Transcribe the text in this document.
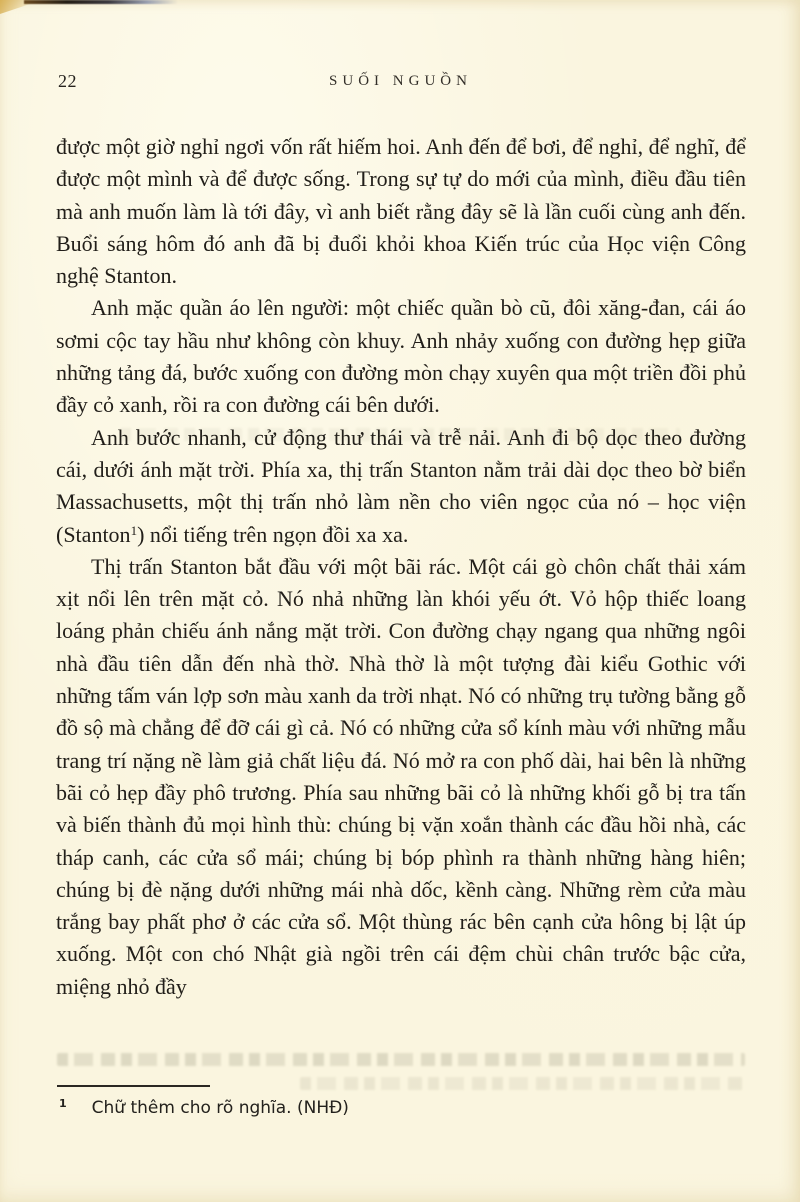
22	SUỐI NGUỒN

được một giờ nghỉ ngơi vốn rất hiếm hoi. Anh đến để bơi, để nghỉ, để nghĩ, để được một mình và để được sống. Trong sự tự do mới của mình, điều đầu tiên mà anh muốn làm là tới đây, vì anh biết rằng đây sẽ là lần cuối cùng anh đến. Buổi sáng hôm đó anh đã bị đuổi khỏi khoa Kiến trúc của Học viện Công nghệ Stanton.

Anh mặc quần áo lên người: một chiếc quần bò cũ, đôi xăng-đan, cái áo sơmi cộc tay hầu như không còn khuy. Anh nhảy xuống con đường hẹp giữa những tảng đá, bước xuống con đường mòn chạy xuyên qua một triền đồi phủ đầy cỏ xanh, rồi ra con đường cái bên dưới.

Anh bước nhanh, cử động thư thái và trễ nải. Anh đi bộ dọc theo đường cái, dưới ánh mặt trời. Phía xa, thị trấn Stanton nằm trải dài dọc theo bờ biển Massachusetts, một thị trấn nhỏ làm nền cho viên ngọc của nó – học viện (Stanton$^1$) nổi tiếng trên ngọn đồi xa xa.

Thị trấn Stanton bắt đầu với một bãi rác. Một cái gò chôn chất thải xám xịt nổi lên trên mặt cỏ. Nó nhả những làn khói yếu ớt. Vỏ hộp thiếc loang loáng phản chiếu ánh nắng mặt trời. Con đường chạy ngang qua những ngôi nhà đầu tiên dẫn đến nhà thờ. Nhà thờ là một tượng đài kiểu Gothic với những tấm ván lợp sơn màu xanh da trời nhạt. Nó có những trụ tường bằng gỗ đồ sộ mà chẳng để đỡ cái gì cả. Nó có những cửa sổ kính màu với những mẫu trang trí nặng nề làm giả chất liệu đá. Nó mở ra con phố dài, hai bên là những bãi cỏ hẹp đầy phô trương. Phía sau những bãi cỏ là những khối gỗ bị tra tấn và biến thành đủ mọi hình thù: chúng bị vặn xoắn thành các đầu hồi nhà, các tháp canh, các cửa sổ mái; chúng bị bóp phình ra thành những hàng hiên; chúng bị đè nặng dưới những mái nhà dốc, kềnh càng. Những rèm cửa màu trắng bay phất phơ ở các cửa sổ. Một thùng rác bên cạnh cửa hông bị lật úp xuống. Một con chó Nhật già ngồi trên cái đệm chùi chân trước bậc cửa, miệng nhỏ đầy

$^1$ Chữ thêm cho rõ nghĩa. (NHĐ)
